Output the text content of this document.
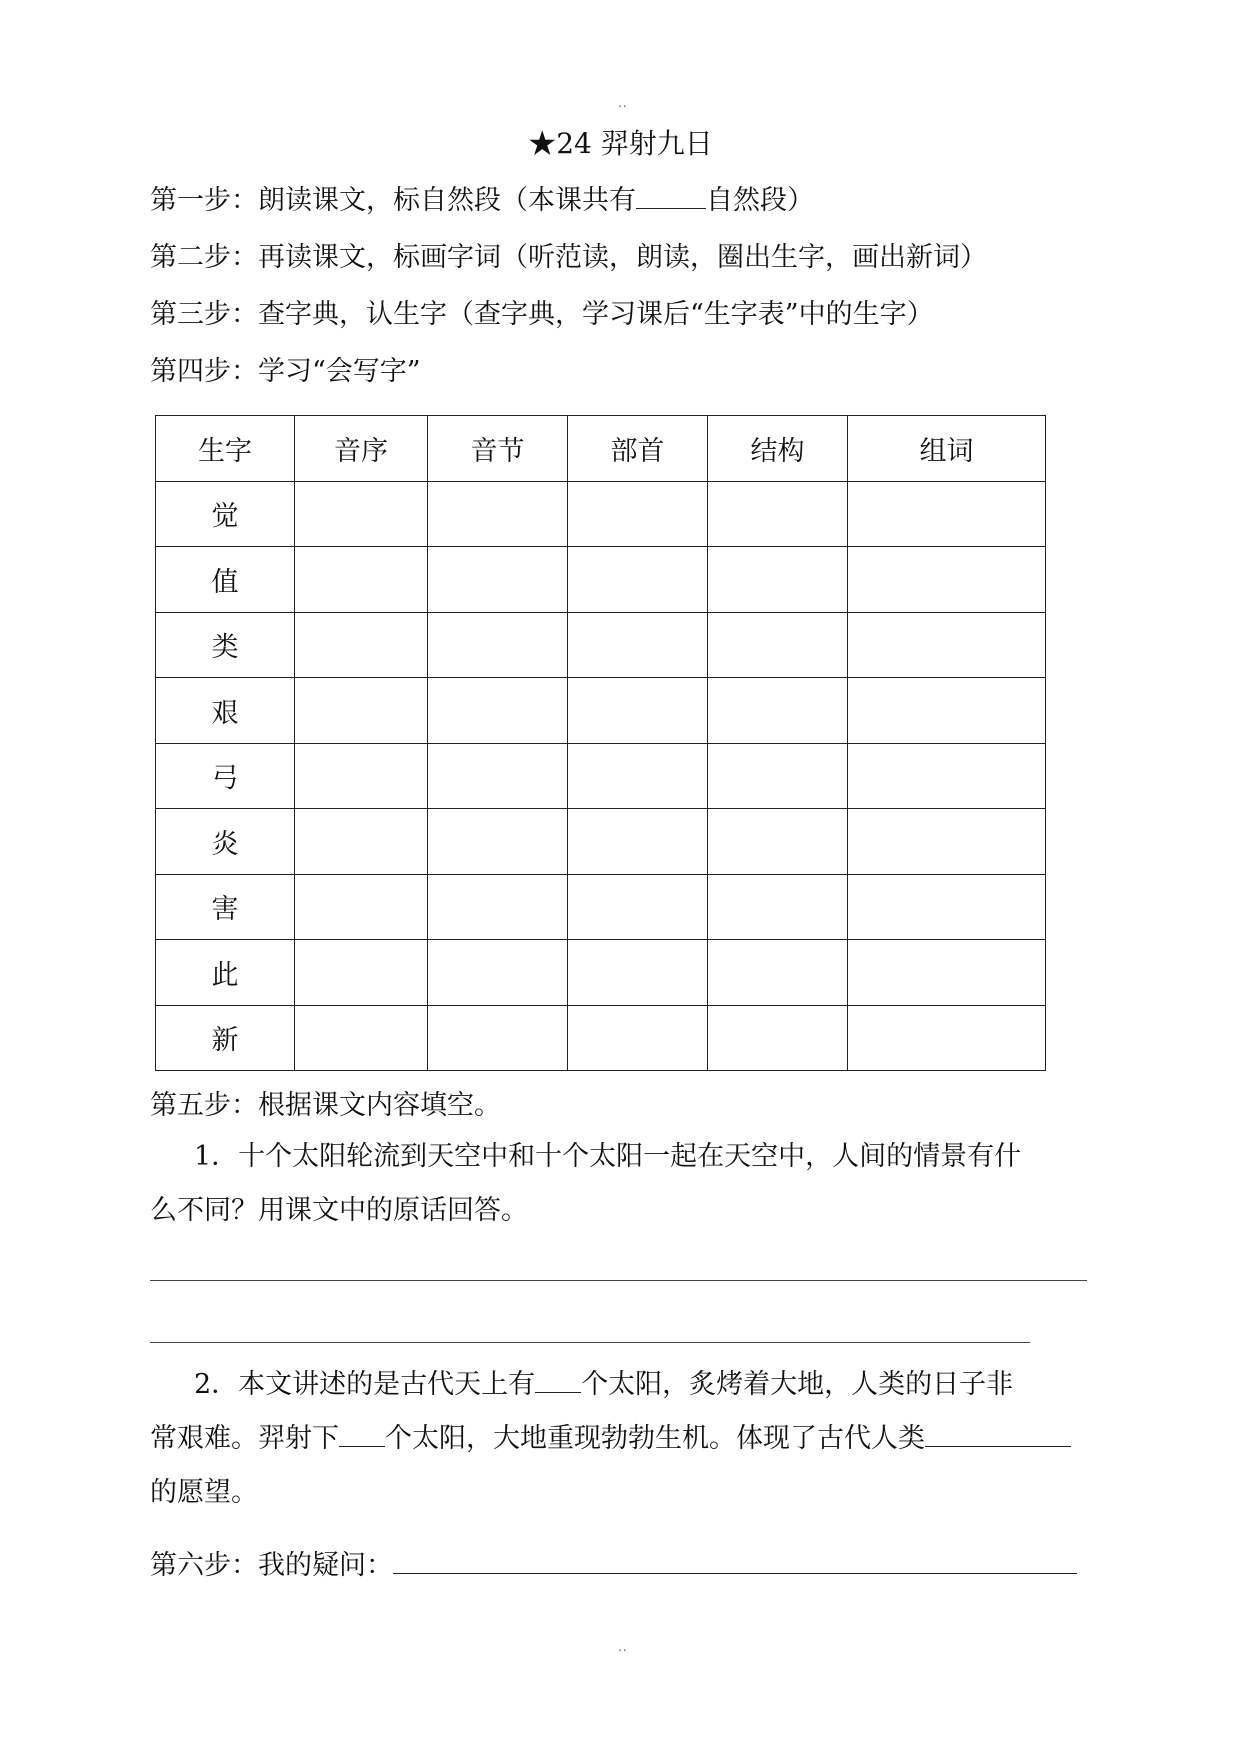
..
★24 羿射九日
第一步：朗读课文，标自然段（本课共有	自然段）
第二步：再读课文，标画字词（听范读，朗读，圈出生字，画出新词）
第三步：查字典，认生字（查字典，学习课后“生字表”中的生字）
第四步：学习“会写字”
生字	音序	音节	部首	结构	组词
觉					
值					
类					
艰					
弓					
炎					
害					
此					
新					
第五步：根据课文内容填空。
1．十个太阳轮流到天空中和十个太阳一起在天空中，人间的情景有什
么不同？用课文中的原话回答。
2．本文讲述的是古代天上有 个太阳，炙烤着大地，人类的日子非
常艰难。羿射下 个太阳，大地重现勃勃生机。体现了古代人类
的愿望。
第六步：我的疑问：
..
